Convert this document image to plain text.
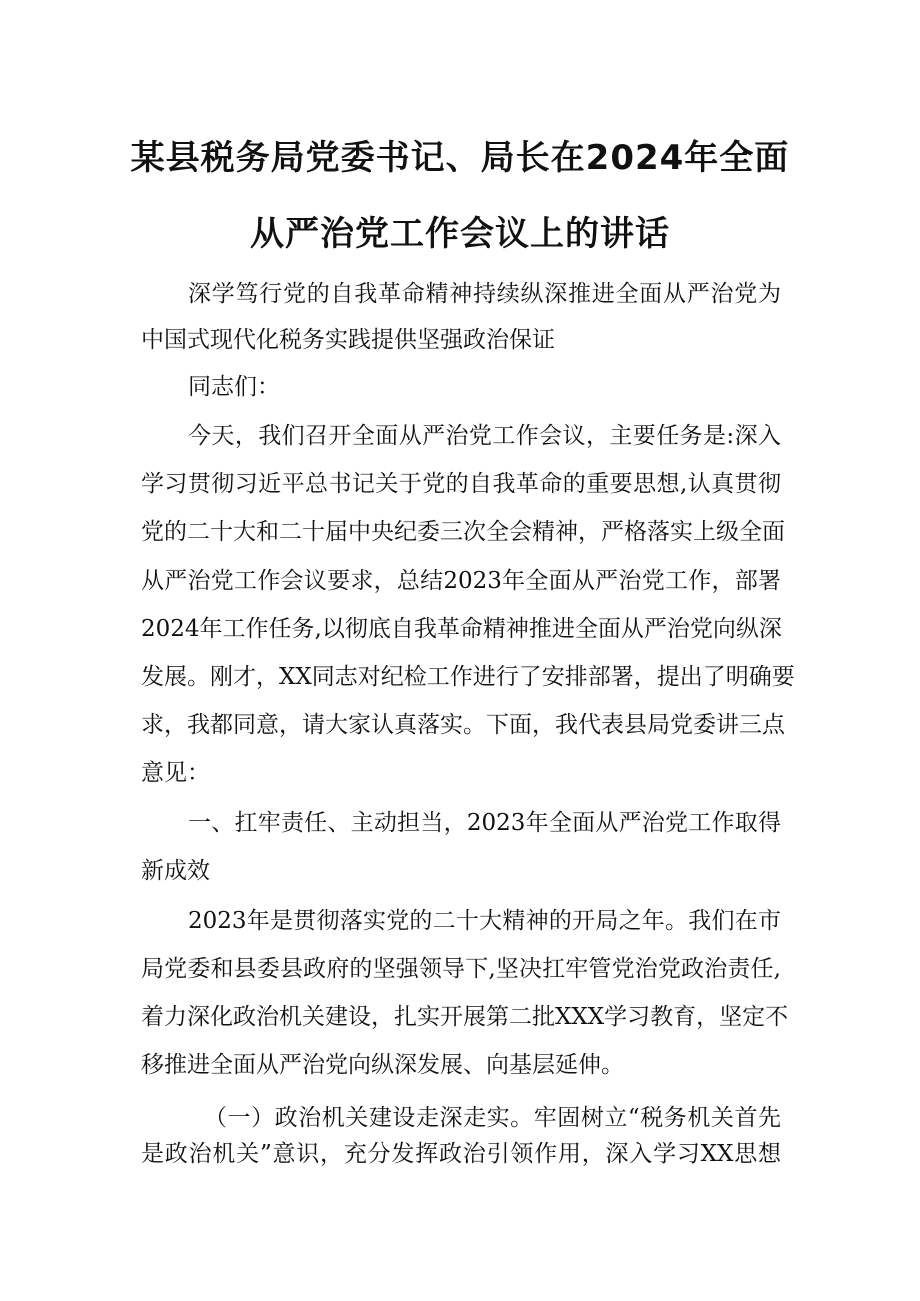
某县税务局党委书记、局长在2024年全面
从严治党工作会议上的讲话
深学笃行党的自我革命精神持续纵深推进全面从严治党为
中国式现代化税务实践提供坚强政治保证
同志们：
今天，我们召开全面从严治党工作会议，主要任务是:深入
学习贯彻习近平总书记关于党的自我革命的重要思想,认真贯彻
党的二十大和二十届中央纪委三次全会精神，严格落实上级全面
从严治党工作会议要求，总结2023年全面从严治党工作，部署
2024年工作任务,以彻底自我革命精神推进全面从严治党向纵深
发展。刚才，XX同志对纪检工作进行了安排部署，提出了明确要
求，我都同意，请大家认真落实。下面，我代表县局党委讲三点
意见：
一、扛牢责任、主动担当，2023年全面从严治党工作取得
新成效
2023年是贯彻落实党的二十大精神的开局之年。我们在市
局党委和县委县政府的坚强领导下,坚决扛牢管党治党政治责任,
着力深化政治机关建设，扎实开展第二批XXX学习教育，坚定不
移推进全面从严治党向纵深发展、向基层延伸。
（一）政治机关建设走深走实。牢固树立“税务机关首先
是政治机关”意识，充分发挥政治引领作用，深入学习XX思想
